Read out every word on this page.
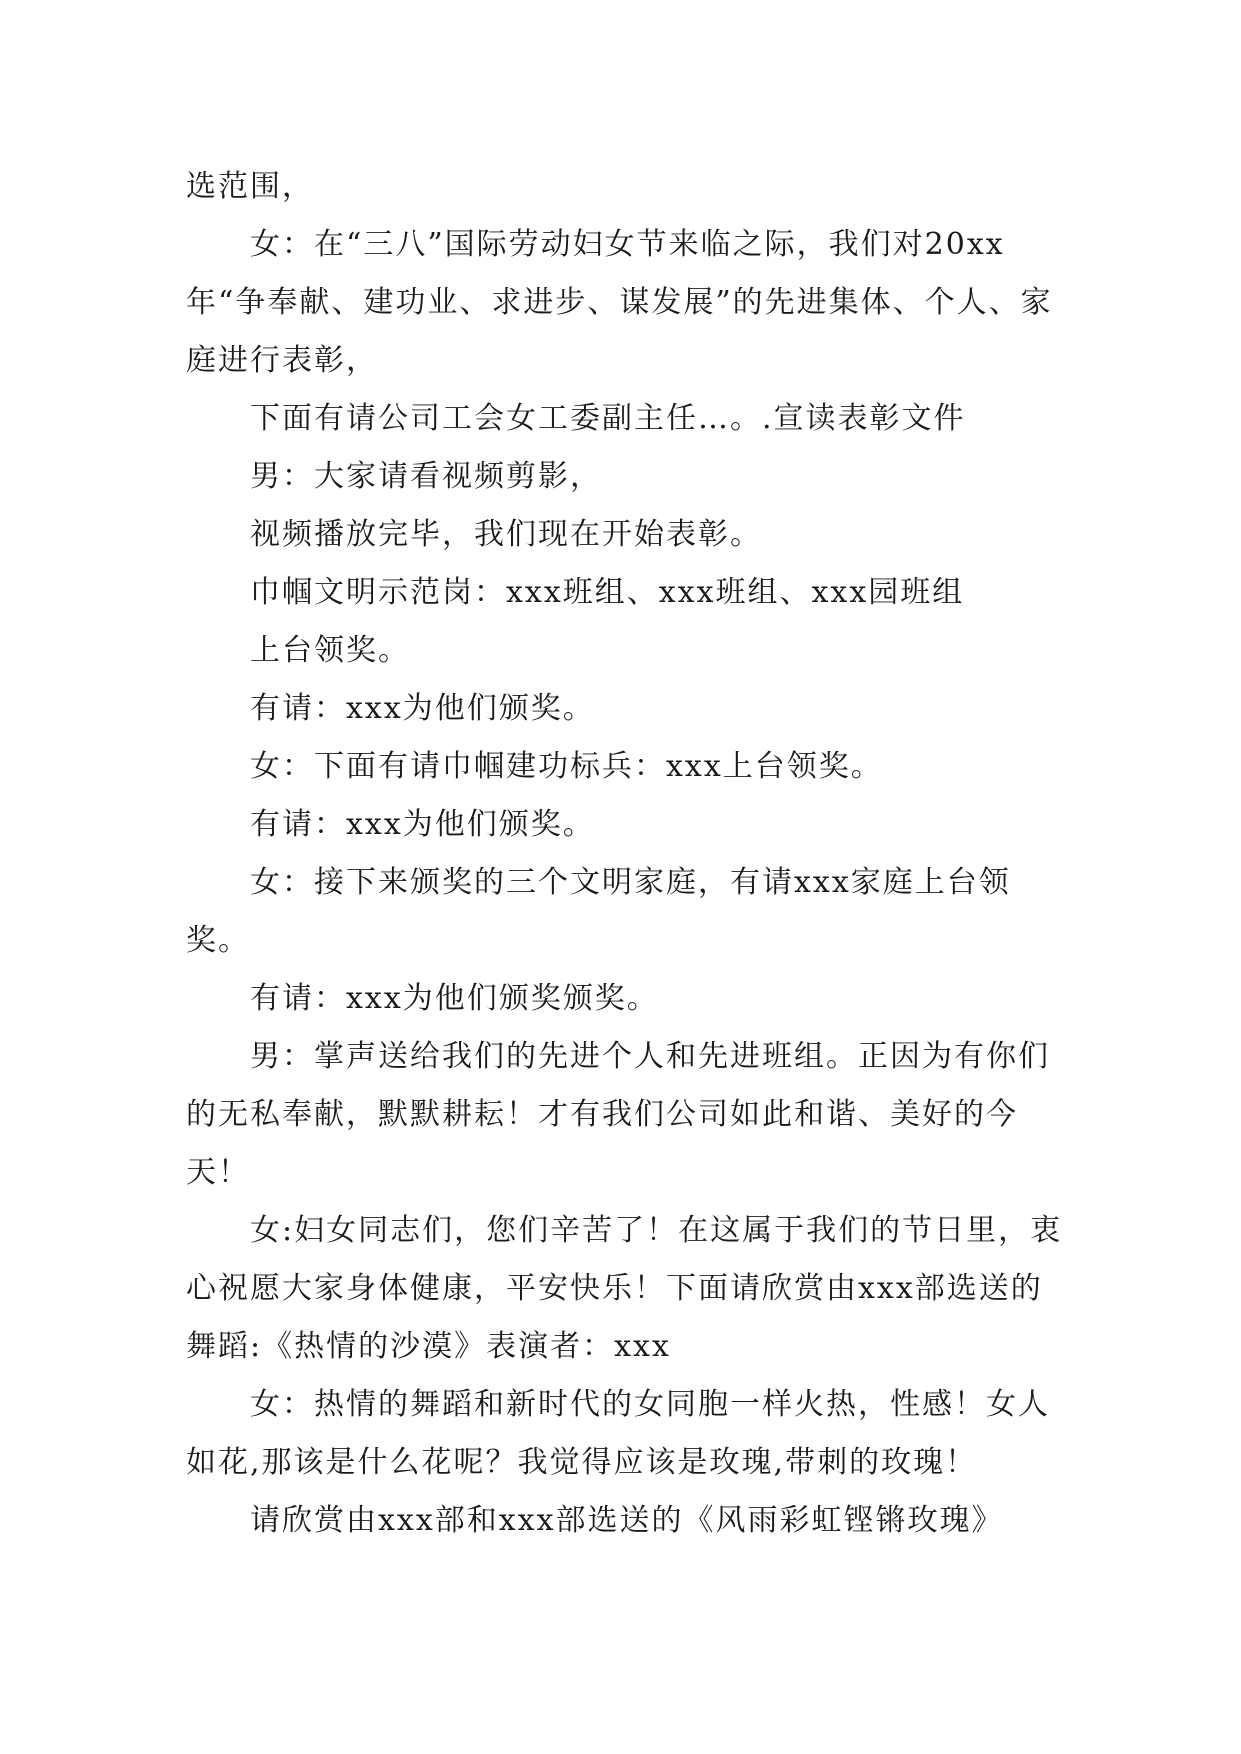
选范围，

女：在“三八”国际劳动妇女节来临之际，我们对20xx年“争奉献、建功业、求进步、谋发展”的先进集体、个人、家庭进行表彰，

下面有请公司工会女工委副主任…。.宣读表彰文件

男：大家请看视频剪影，

视频播放完毕，我们现在开始表彰。

巾帼文明示范岗：xxx班组、xxx班组、xxx园班组

上台领奖。

有请：xxx为他们颁奖。

女：下面有请巾帼建功标兵：xxx上台领奖。

有请：xxx为他们颁奖。

女：接下来颁奖的三个文明家庭，有请xxx家庭上台领奖。

有请：xxx为他们颁奖颁奖。

男：掌声送给我们的先进个人和先进班组。正因为有你们的无私奉献，默默耕耘！才有我们公司如此和谐、美好的今天！

女:妇女同志们，您们辛苦了！在这属于我们的节日里，衷心祝愿大家身体健康，平安快乐！下面请欣赏由xxx部选送的舞蹈:《热情的沙漠》表演者：xxx

女：热情的舞蹈和新时代的女同胞一样火热，性感！女人如花,那该是什么花呢？我觉得应该是玫瑰,带刺的玫瑰！

请欣赏由xxx部和xxx部选送的《风雨彩虹铿锵玫瑰》
